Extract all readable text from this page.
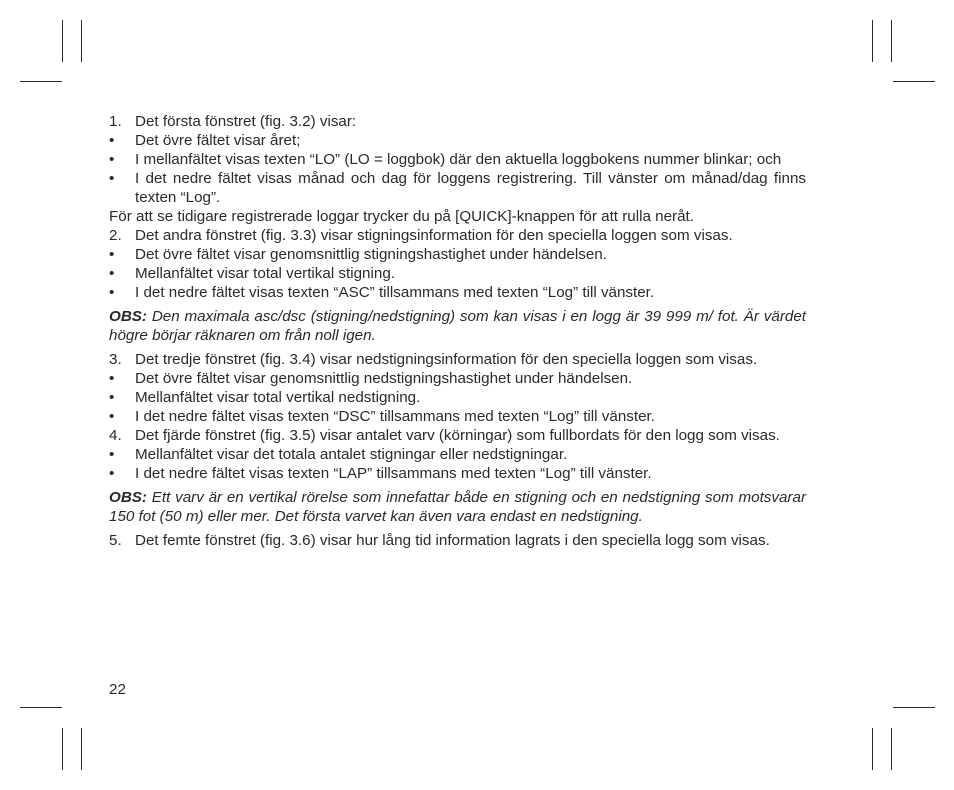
1. Det första fönstret (fig. 3.2) visar:
•	Det övre fältet visar året;
•	I mellanfältet visas texten “LO” (LO = loggbok) där den aktuella loggbokens nummer blinkar; och
•	I det nedre fältet visas månad och dag för loggens registrering. Till vänster om månad/dag finns texten “Log”.
För att se tidigare registrerade loggar trycker du på [QUICK]-knappen för att rulla neråt.
2. Det andra fönstret (fig. 3.3) visar stigningsinformation för den speciella loggen som visas.
•	Det övre fältet visar genomsnittlig stigningshastighet under händelsen.
•	Mellanfältet visar total vertikal stigning.
•	I det nedre fältet visas texten “ASC” tillsammans med texten “Log” till vänster.
OBS: Den maximala asc/dsc (stigning/nedstigning) som kan visas i en logg är 39 999 m/ fot. Är värdet högre börjar räknaren om från noll igen.
3. Det tredje fönstret (fig. 3.4) visar nedstigningsinformation för den speciella loggen som visas.
•	Det övre fältet visar genomsnittlig nedstigningshastighet under händelsen.
•	Mellanfältet visar total vertikal nedstigning.
•	I det nedre fältet visas texten “DSC” tillsammans med texten “Log” till vänster.
4. Det fjärde fönstret (fig. 3.5) visar antalet varv (körningar) som fullbordats för den logg som visas.
•	Mellanfältet visar det totala antalet stigningar eller nedstigningar.
•	I det nedre fältet visas texten “LAP” tillsammans med texten “Log” till vänster.
OBS: Ett varv är en vertikal rörelse som innefattar både en stigning och en nedstigning som motsvarar 150 fot (50 m) eller mer. Det första varvet kan även vara endast en nedstigning.
5. Det femte fönstret (fig. 3.6) visar hur lång tid information lagrats i den speciella logg som visas.
22
